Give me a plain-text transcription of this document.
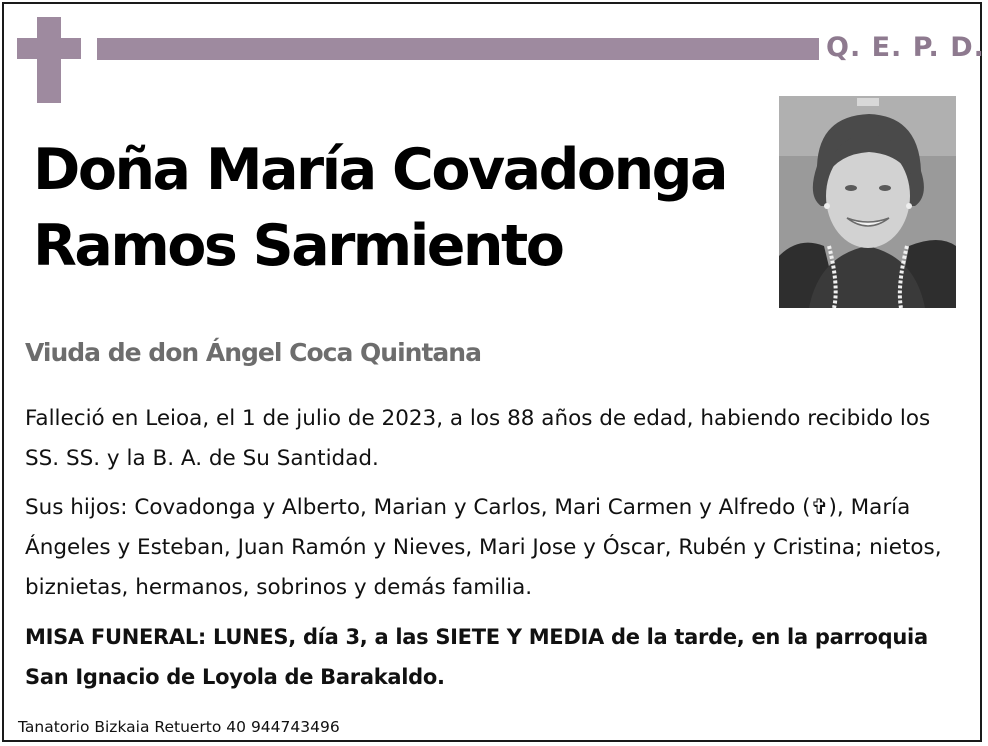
Q. E. P. D.
Doña María Covadonga
Ramos Sarmiento
Viuda de don Ángel Coca Quintana

Falleció en Leioa, el 1 de julio de 2023, a los 88 años de edad, habiendo recibido los SS. SS. y la B. A. de Su Santidad.

Sus hijos: Covadonga y Alberto, Marian y Carlos, Mari Carmen y Alfredo (✞), María Ángeles y Esteban, Juan Ramón y Nieves, Mari Jose y Óscar, Rubén y Cristina; nietos, biznietas, hermanos, sobrinos y demás familia.

MISA FUNERAL: LUNES, día 3, a las SIETE Y MEDIA de la tarde, en la parroquia San Ignacio de Loyola de Barakaldo.

Tanatorio Bizkaia Retuerto 40 944743496
